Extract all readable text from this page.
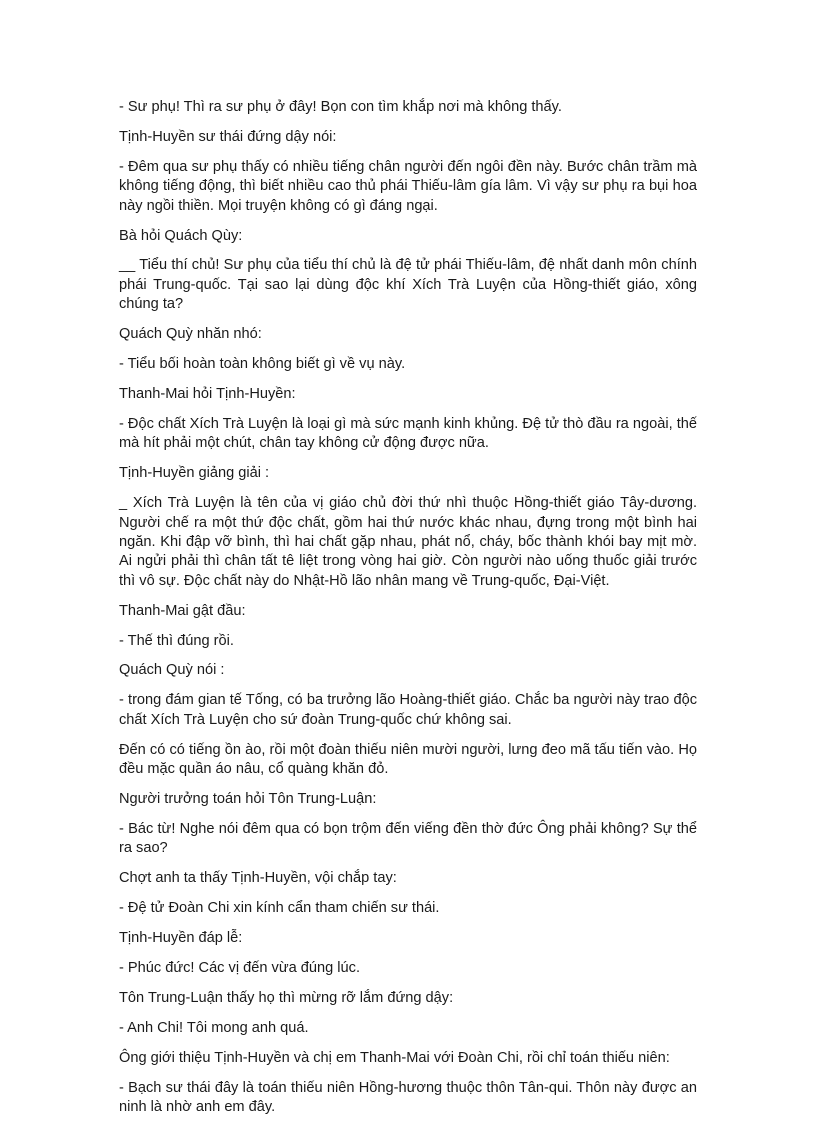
- Sư phụ! Thì ra sư phụ ở đây! Bọn con tìm khắp nơi mà không thấy.

Tịnh-Huyền sư thái đứng dậy nói:

- Đêm qua sư phụ thấy có nhiều tiếng chân người đến ngôi đền này. Bước chân trầm mà không tiếng động, thì biết nhiều cao thủ phái Thiếu-lâm gía lâm. Vì vậy sư phụ ra bụi hoa này ngồi thiền. Mọi truyện không có gì đáng ngại.

Bà hỏi Quách Qùy:

__ Tiểu thí chủ! Sư phụ của tiểu thí chủ là đệ tử phái Thiếu-lâm, đệ nhất danh môn chính phái Trung-quốc. Tại sao lại dùng độc khí Xích Trà Luyện của Hồng-thiết giáo, xông chúng ta?

Quách Quỳ nhăn nhó:

- Tiểu bối hoàn toàn không biết gì về vụ này.

Thanh-Mai hỏi Tịnh-Huyền:

- Độc chất Xích Trà Luyện là loại gì mà sức mạnh kinh khủng. Đệ tử thò đầu ra ngoài, thế mà hít phải một chút, chân tay không cử động được nữa.

Tịnh-Huyền giảng giải :

_ Xích Trà Luyện là tên của vị giáo chủ đời thứ nhì thuộc Hồng-thiết giáo Tây-dương. Người chế ra một thứ độc chất, gồm hai thứ nước khác nhau, đựng trong một bình hai ngăn. Khi đập vỡ bình, thì hai chất gặp nhau, phát nổ, cháy, bốc thành khói bay mịt mờ. Ai ngửi phải thì chân tất tê liệt trong vòng hai giờ. Còn người nào uống thuốc giải trước thì vô sự. Độc chất này do Nhật-Hồ lão nhân mang về Trung-quốc, Đại-Việt.

Thanh-Mai gật đầu:

- Thế thì đúng rồi.

Quách Quỳ nói :

- trong đám gian tế Tống, có ba trưởng lão Hoàng-thiết giáo. Chắc ba người này trao độc chất Xích Trà Luyện cho sứ đoàn Trung-quốc chứ không sai.

Đến có có tiếng ồn ào, rồi một đoàn thiếu niên mười người, lưng đeo mã tấu tiến vào. Họ đều mặc quần áo nâu, cổ quàng khăn đỏ.

Người trưởng toán hỏi Tôn Trung-Luận:

- Bác từ! Nghe nói đêm qua có bọn trộm đến viếng đền thờ đức Ông phải không? Sự thể ra sao?

Chợt anh ta thấy Tịnh-Huyền, vội chắp tay:

- Đệ tử Đoàn Chi xin kính cẩn tham chiến sư thái.

Tịnh-Huyền đáp lễ:

- Phúc đức! Các vị đến vừa đúng lúc.

Tôn Trung-Luận thấy họ thì mừng rỡ lắm đứng dậy:

- Anh Chi! Tôi mong anh quá.

Ông giới thiệu Tịnh-Huyền và chị em Thanh-Mai với Đoàn Chi, rồi chỉ toán thiếu niên:

- Bạch sư thái đây là toán thiếu niên Hồng-hương thuộc thôn Tân-qui. Thôn này được an ninh là nhờ anh em đây.
